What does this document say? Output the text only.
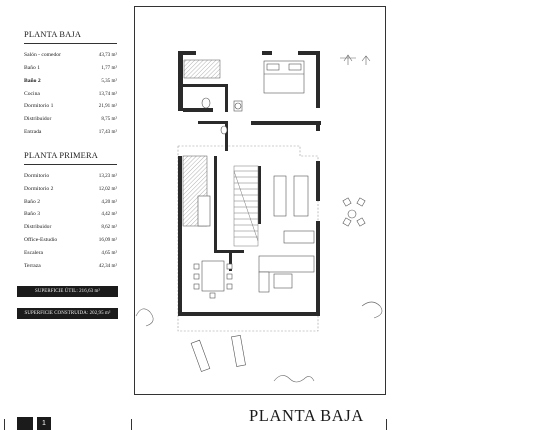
PLANTA BAJA
Salón - comedor	43,73 m²
Baño 1	1,77 m²
Baño 2	5,35 m²
Cocina	13,74 m²
Dormitorio 1	21,91 m²
Distribuidor	8,75 m²
Entrada	17,43 m²
PLANTA PRIMERA
Dormitorio	13,23 m²
Dormitorio 2	12,02 m²
Baño 2	4,20 m²
Baño 3	4,42 m²
Distribuidor	8,62 m²
Office-Estudio	16,09 m²
Escalera	4,65 m²
Terraza	42,34 m²
SUPERFICIE ÚTIL: 216,63 m²
SUPERFICIE CONSTRUIDA: 202,95 m²
1	PLANTA BAJA
